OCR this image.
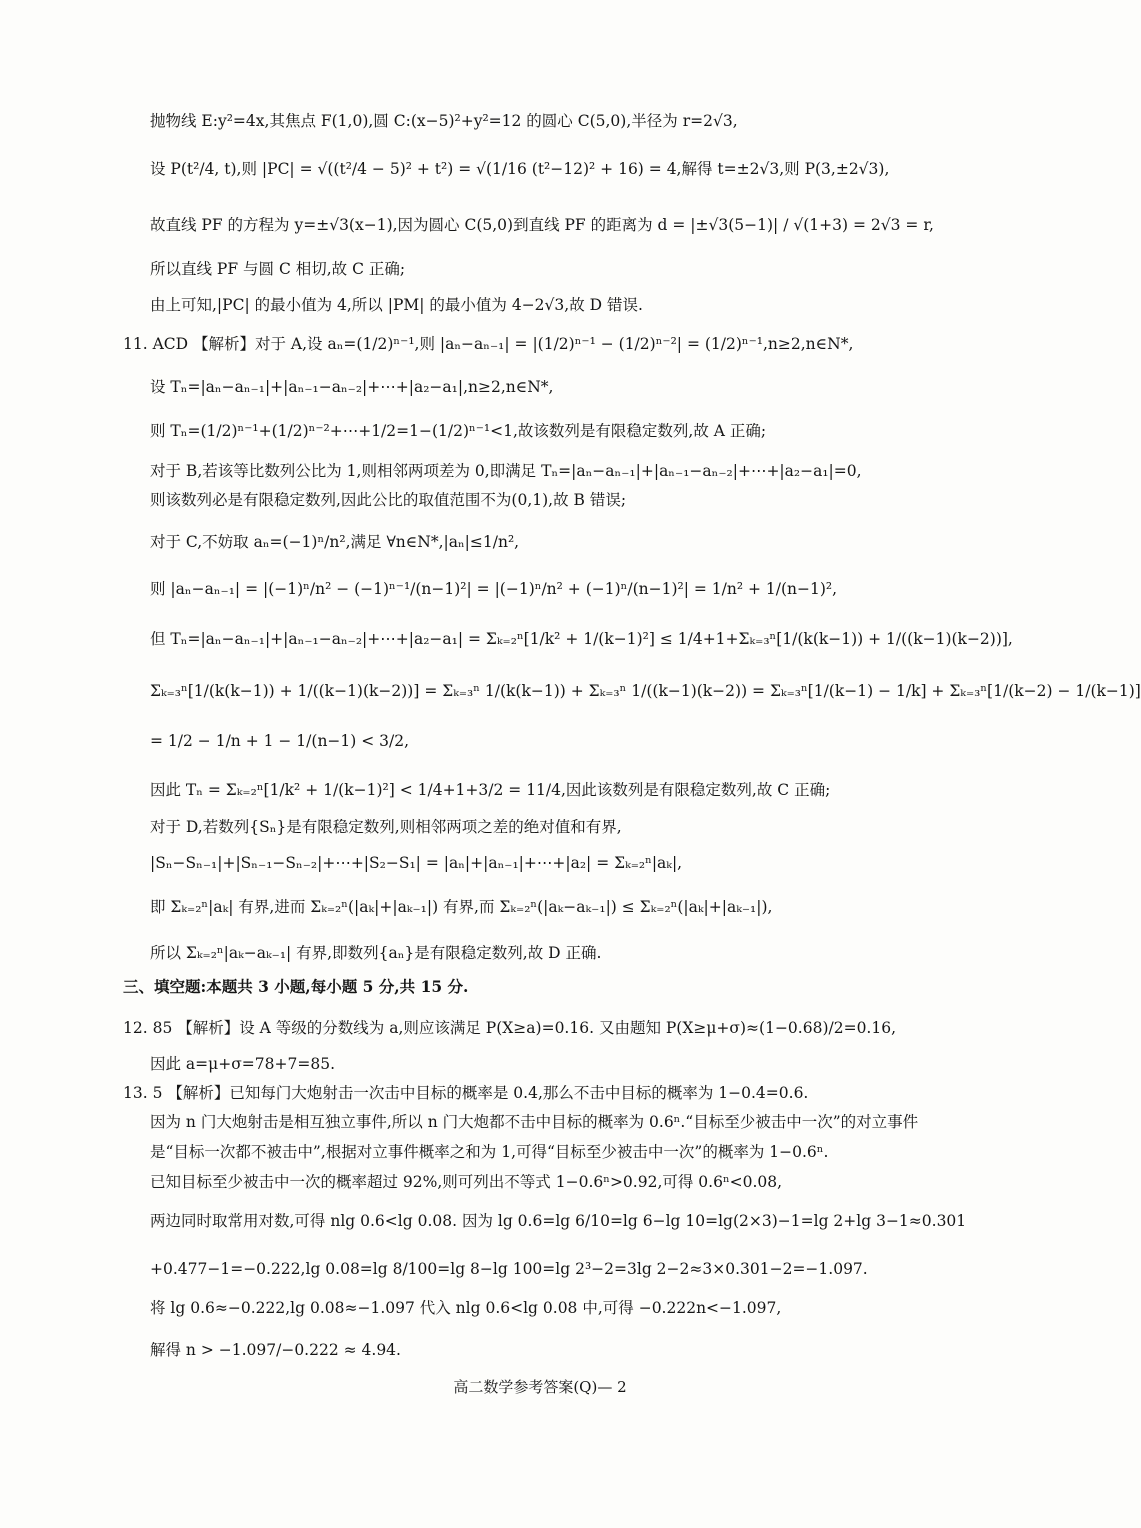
抛物线 E:y²=4x,其焦点 F(1,0),圆 C:(x−5)²+y²=12 的圆心 C(5,0),半径为 r=2√3,
设 P(t²/4, t),则 |PC| = √((t²/4 − 5)² + t²) = √(1/16 (t²−12)² + 16) = 4,解得 t=±2√3,则 P(3,±2√3),
故直线 PF 的方程为 y=±√3(x−1),因为圆心 C(5,0)到直线 PF 的距离为 d = |±√3(5−1)| / √(1+3) = 2√3 = r,
所以直线 PF 与圆 C 相切,故 C 正确;
由上可知,|PC| 的最小值为 4,所以 |PM| 的最小值为 4−2√3,故 D 错误.
11. ACD 【解析】对于 A,设 aₙ=(1/2)ⁿ⁻¹,则 |aₙ−aₙ₋₁| = |(1/2)ⁿ⁻¹ − (1/2)ⁿ⁻²| = (1/2)ⁿ⁻¹,n≥2,n∈N*,
设 Tₙ=|aₙ−aₙ₋₁|+|aₙ₋₁−aₙ₋₂|+⋯+|a₂−a₁|,n≥2,n∈N*,
则 Tₙ=(1/2)ⁿ⁻¹+(1/2)ⁿ⁻²+⋯+1/2=1−(1/2)ⁿ⁻¹<1,故该数列是有限稳定数列,故 A 正确;
对于 B,若该等比数列公比为 1,则相邻两项差为 0,即满足 Tₙ=|aₙ−aₙ₋₁|+|aₙ₋₁−aₙ₋₂|+⋯+|a₂−a₁|=0,
则该数列必是有限稳定数列,因此公比的取值范围不为(0,1),故 B 错误;
对于 C,不妨取 aₙ=(−1)ⁿ/n²,满足 ∀n∈N*,|aₙ|≤1/n²,
则 |aₙ−aₙ₋₁| = |(−1)ⁿ/n² − (−1)ⁿ⁻¹/(n−1)²| = |(−1)ⁿ/n² + (−1)ⁿ/(n−1)²| = 1/n² + 1/(n−1)²,
但 Tₙ=|aₙ−aₙ₋₁|+|aₙ₋₁−aₙ₋₂|+⋯+|a₂−a₁| = Σₖ₌₂ⁿ[1/k² + 1/(k−1)²] ≤ 1/4+1+Σₖ₌₃ⁿ[1/(k(k−1)) + 1/((k−1)(k−2))],
Σₖ₌₃ⁿ[1/(k(k−1)) + 1/((k−1)(k−2))] = Σₖ₌₃ⁿ 1/(k(k−1)) + Σₖ₌₃ⁿ 1/((k−1)(k−2)) = Σₖ₌₃ⁿ[1/(k−1) − 1/k] + Σₖ₌₃ⁿ[1/(k−2) − 1/(k−1)]
= 1/2 − 1/n + 1 − 1/(n−1) < 3/2,
因此 Tₙ = Σₖ₌₂ⁿ[1/k² + 1/(k−1)²] < 1/4+1+3/2 = 11/4,因此该数列是有限稳定数列,故 C 正确;
对于 D,若数列{Sₙ}是有限稳定数列,则相邻两项之差的绝对值和有界,
|Sₙ−Sₙ₋₁|+|Sₙ₋₁−Sₙ₋₂|+⋯+|S₂−S₁| = |aₙ|+|aₙ₋₁|+⋯+|a₂| = Σₖ₌₂ⁿ|aₖ|,
即 Σₖ₌₂ⁿ|aₖ| 有界,进而 Σₖ₌₂ⁿ(|aₖ|+|aₖ₋₁|) 有界,而 Σₖ₌₂ⁿ(|aₖ−aₖ₋₁|) ≤ Σₖ₌₂ⁿ(|aₖ|+|aₖ₋₁|),
所以 Σₖ₌₂ⁿ|aₖ−aₖ₋₁| 有界,即数列{aₙ}是有限稳定数列,故 D 正确.
三、填空题:本题共 3 小题,每小题 5 分,共 15 分.
12. 85 【解析】设 A 等级的分数线为 a,则应该满足 P(X≥a)=0.16. 又由题知 P(X≥μ+σ)≈(1−0.68)/2=0.16,
因此 a=μ+σ=78+7=85.
13. 5 【解析】已知每门大炮射击一次击中目标的概率是 0.4,那么不击中目标的概率为 1−0.4=0.6.
因为 n 门大炮射击是相互独立事件,所以 n 门大炮都不击中目标的概率为 0.6ⁿ.“目标至少被击中一次”的对立事件
是“目标一次都不被击中”,根据对立事件概率之和为 1,可得“目标至少被击中一次”的概率为 1−0.6ⁿ.
已知目标至少被击中一次的概率超过 92%,则可列出不等式 1−0.6ⁿ>0.92,可得 0.6ⁿ<0.08,
两边同时取常用对数,可得 nlg 0.6<lg 0.08. 因为 lg 0.6=lg 6/10=lg 6−lg 10=lg(2×3)−1=lg 2+lg 3−1≈0.301
+0.477−1=−0.222,lg 0.08=lg 8/100=lg 8−lg 100=lg 2³−2=3lg 2−2≈3×0.301−2=−1.097.
将 lg 0.6≈−0.222,lg 0.08≈−1.097 代入 nlg 0.6<lg 0.08 中,可得 −0.222n<−1.097,
解得 n > −1.097/−0.222 ≈ 4.94.
高二数学参考答案(Q)— 2
